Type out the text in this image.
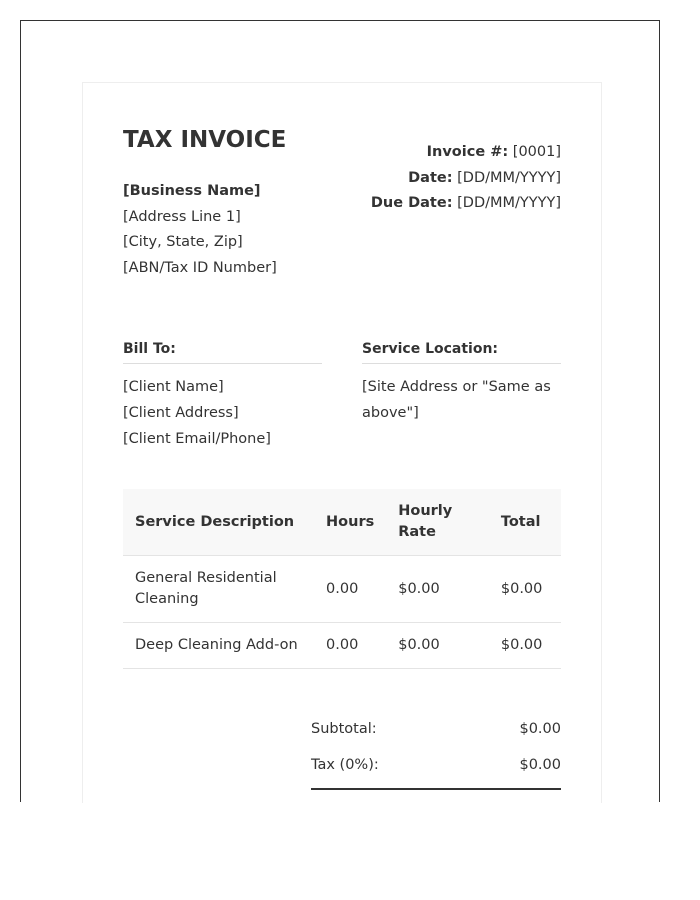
TAX INVOICE
[Business Name]
[Address Line 1]
[City, State, Zip]
[ABN/Tax ID Number]
Invoice #: [0001]
Date: [DD/MM/YYYY]
Due Date: [DD/MM/YYYY]
Bill To:
[Client Name]
[Client Address]
[Client Email/Phone]
Service Location:
[Site Address or "Same as above"]
Service Description	Hours	Hourly Rate	Total
General Residential Cleaning	0.00	$0.00	$0.00
Deep Cleaning Add-on	0.00	$0.00	$0.00
Subtotal:	$0.00
Tax (0%):	$0.00
